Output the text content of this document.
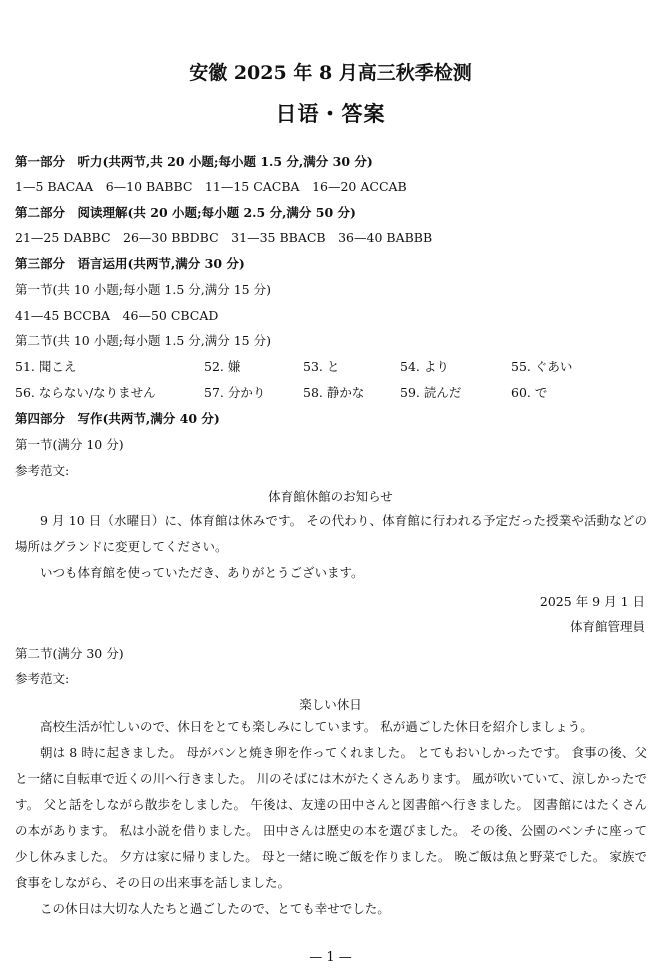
安徽 2025 年 8 月高三秋季检测
日语・答案
第一部分　听力(共两节,共 20 小题;每小题 1.5 分,满分 30 分)
1—5 BACAA　6—10 BABBC　11—15 CACBA　16—20 ACCAB
第二部分　阅读理解(共 20 小题;每小题 2.5 分,满分 50 分)
21—25 DABBC　26—30 BBDBC　31—35 BBACB　36—40 BABBB
第三部分　语言运用(共两节,满分 30 分)
第一节(共 10 小题;每小题 1.5 分,满分 15 分)
41—45 BCCBA　46—50 CBCAD
第二节(共 10 小题;每小题 1.5 分,满分 15 分)
51. 聞こえ	52. 嫌	53. と	54. より	55. ぐあい
56. ならない/なりません	57. 分かり	58. 静かな	59. 読んだ	60. で
第四部分　写作(共两节,满分 40 分)
第一节(满分 10 分)
参考范文:
体育館休館のお知らせ
9 月 10 日（水曜日）に、体育館は休みです。 その代わり、体育館に行われる予定だった授業や活動などの場所はグランドに変更してください。
いつも体育館を使っていただき、ありがとうございます。
2025 年 9 月 1 日
体育館管理員
第二节(满分 30 分)
参考范文:
楽しい休日
高校生活が忙しいので、休日をとても楽しみにしています。 私が過ごした休日を紹介しましょう。
朝は 8 時に起きました。 母がパンと焼き卵を作ってくれました。 とてもおいしかったです。 食事の後、父と一緒に自転車で近くの川へ行きました。 川のそばには木がたくさんあります。 風が吹いていて、涼しかったです。 父と話をしながら散歩をしました。 午後は、友達の田中さんと図書館へ行きました。 図書館にはたくさんの本があります。 私は小説を借りました。 田中さんは歴史の本を選びました。 その後、公園のベンチに座って少し休みました。 夕方は家に帰りました。 母と一緒に晩ご飯を作りました。 晩ご飯は魚と野菜でした。 家族で食事をしながら、その日の出来事を話しました。
この休日は大切な人たちと過ごしたので、とても幸せでした。
— 1 —
